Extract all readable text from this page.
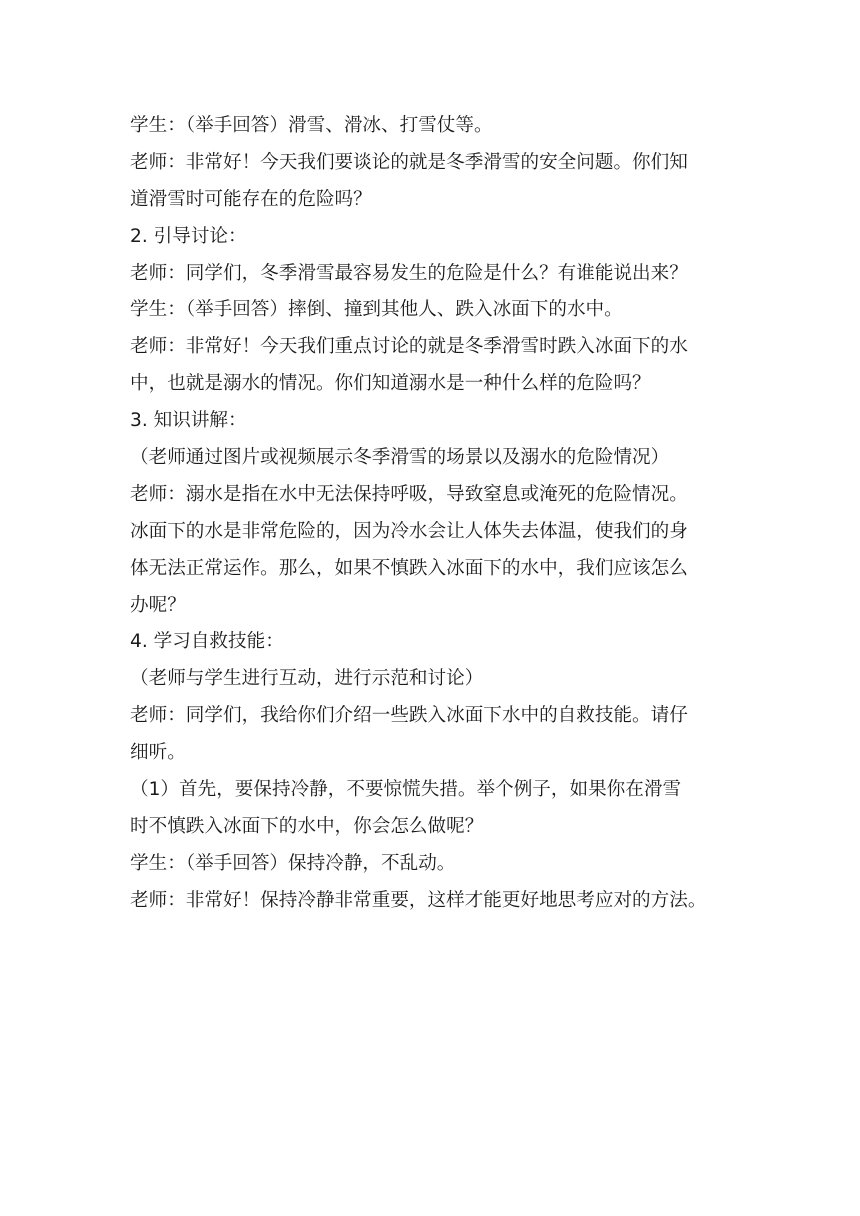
学生：（举手回答）滑雪、滑冰、打雪仗等。
老师：非常好！今天我们要谈论的就是冬季滑雪的安全问题。你们知
道滑雪时可能存在的危险吗？
2. 引导讨论：
老师：同学们，冬季滑雪最容易发生的危险是什么？有谁能说出来？
学生：（举手回答）摔倒、撞到其他人、跌入冰面下的水中。
老师：非常好！今天我们重点讨论的就是冬季滑雪时跌入冰面下的水
中，也就是溺水的情况。你们知道溺水是一种什么样的危险吗？
3. 知识讲解：
（老师通过图片或视频展示冬季滑雪的场景以及溺水的危险情况）
老师：溺水是指在水中无法保持呼吸，导致窒息或淹死的危险情况。
冰面下的水是非常危险的，因为冷水会让人体失去体温，使我们的身
体无法正常运作。那么，如果不慎跌入冰面下的水中，我们应该怎么
办呢？
4. 学习自救技能：
（老师与学生进行互动，进行示范和讨论）
老师：同学们，我给你们介绍一些跌入冰面下水中的自救技能。请仔
细听。
（1）首先，要保持冷静，不要惊慌失措。举个例子，如果你在滑雪
时不慎跌入冰面下的水中，你会怎么做呢？
学生：（举手回答）保持冷静，不乱动。
老师：非常好！保持冷静非常重要，这样才能更好地思考应对的方法。
